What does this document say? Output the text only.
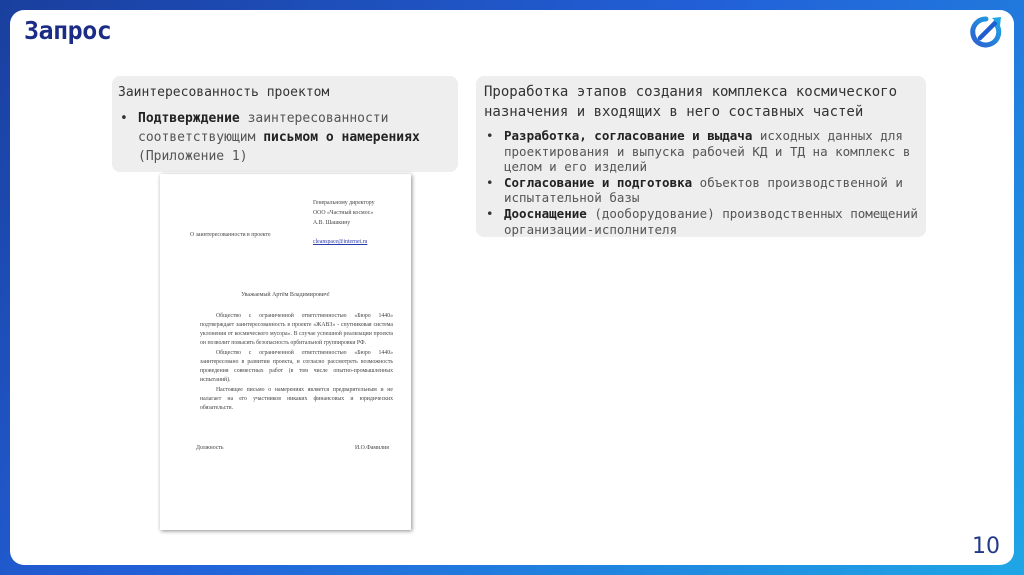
Запрос
Заинтересованность проектом
• Подтверждение заинтересованности соответствующим письмом о намерениях (Приложение 1)
Проработка этапов создания комплекса космического назначения и входящих в него составных частей
• Разработка, согласование и выдача исходных данных для проектирования и выпуска рабочей КД и ТД на комплекс в целом и его изделий
• Согласование и подготовка объектов производственной и испытательной базы
• Дооснащение (дооборудование) производственных помещений организации-исполнителя
Генеральному директору
ООО «Частный космос»
А.В. Шашкину
cleanspace@internet.ru
О заинтересованности в проекте
Уважаемый Артём Владимирович!

Общество с ограниченной ответственностью «Бюро 1440» подтверждает заинтересованность в проекте «ЖАВЗ» - спутниковая система уклонения от космического мусора». В случае успешной реализации проекта он позволит повысить безопасность орбитальной группировки РФ.

Общество с ограниченной ответственностью «Бюро 1440» заинтересовано в развитии проекта, и согласно рассмотреть возможность проведения совместных работ (в том числе опытно-промышленных испытаний).

Настоящее письмо о намерениях является предварительным и не налагает на его участников никаких финансовых и юридических обязательств.

Должность	И.О.Фамилия
10
